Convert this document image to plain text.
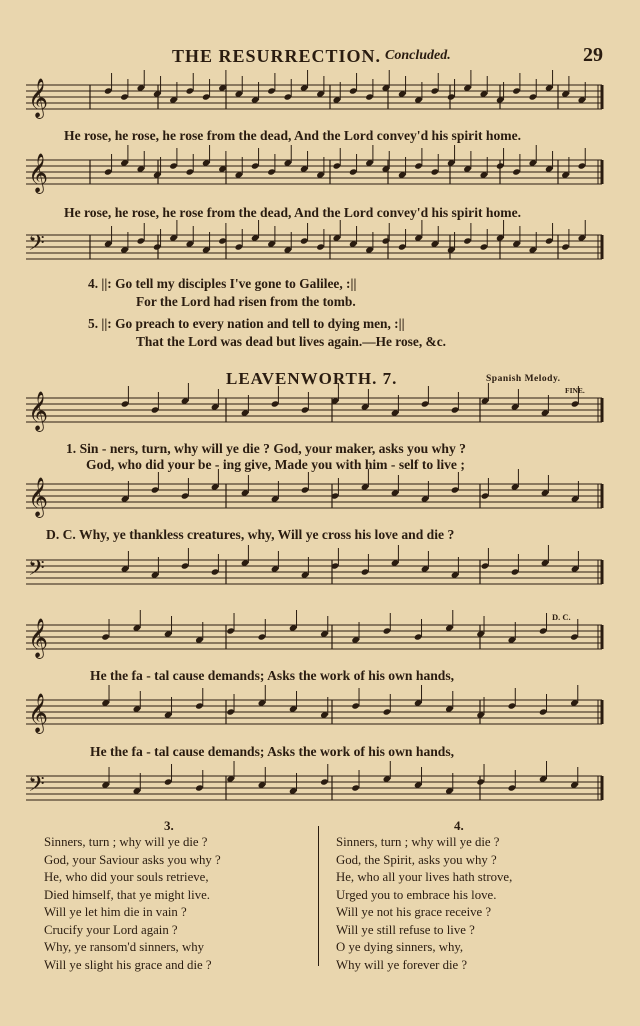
THE RESURRECTION. Concluded.	29
𝄞
𝄞
𝄢
𝄞
𝄞
𝄢
𝄞
𝄞
𝄢
He rose, he rose, he rose from the dead, And the Lord convey'd his spirit home.
He rose, he rose, he rose from the dead, And the Lord convey'd his spirit home.
4. ||: Go tell my disciples I've gone to Galilee, :||
For the Lord had risen from the tomb.
5. ||: Go preach to every nation and tell to dying men, :||
That the Lord was dead but lives again.—He rose, &c.
LEAVENWORTH. 7.	Spanish Melody.
FINE.
1. Sin - ners, turn, why will ye die ? God, your maker, asks you why ?
God, who did your be - ing give, Made you with him - self to live ;
D. C. Why, ye thankless creatures, why, Will ye cross his love and die ?
D. C.
He the fa - tal cause demands; Asks the work of his own hands,
He the fa - tal cause demands; Asks the work of his own hands,
3.
Sinners, turn ; why will ye die ?
God, your Saviour asks you why ?
He, who did your souls retrieve,
Died himself, that ye might live.
Will ye let him die in vain ?
Crucify your Lord again ?
Why, ye ransom'd sinners, why
Will ye slight his grace and die ?
4.
Sinners, turn ; why will ye die ?
God, the Spirit, asks you why ?
He, who all your lives hath strove,
Urged you to embrace his love.
Will ye not his grace receive ?
Will ye still refuse to live ?
O ye dying sinners, why,
Why will ye forever die ?
